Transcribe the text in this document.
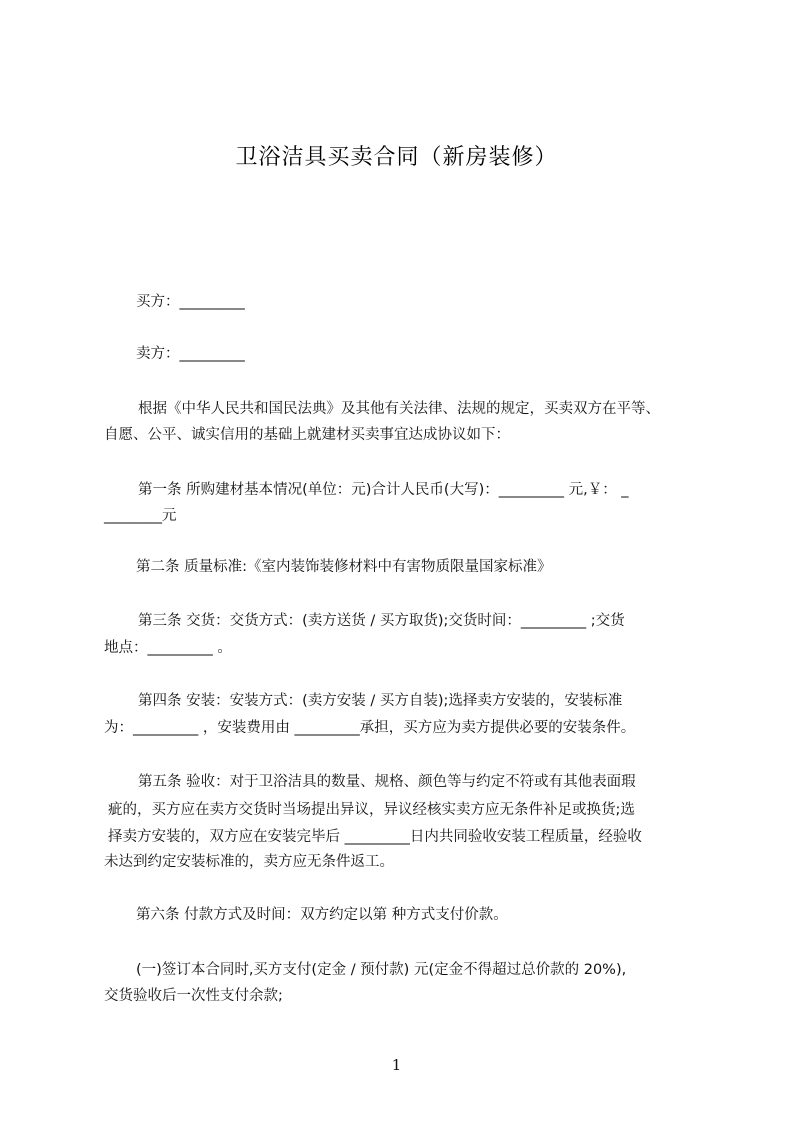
卫浴洁具买卖合同（新房装修）
买方：_________
卖方：_________
根据《中华人民共和国民法典》及其他有关法律、法规的规定，买卖双方在平等、
自愿、公平、诚实信用的基础上就建材买卖事宜达成协议如下：
第一条 所购建材基本情况(单位：元)合计人民币(大写)：_________ 元,￥： _
________元
第二条 质量标准:《室内装饰装修材料中有害物质限量国家标准》
第三条 交货：交货方式：(卖方送货 / 买方取货);交货时间：_________ ;交货
地点：_________ 。
第四条 安装：安装方式：(卖方安装 / 买方自装);选择卖方安装的，安装标准
为：_________ ，安装费用由 _________承担，买方应为卖方提供必要的安装条件。
第五条 验收：对于卫浴洁具的数量、规格、颜色等与约定不符或有其他表面瑕
疵的，买方应在卖方交货时当场提出异议，异议经核实卖方应无条件补足或换货;选
择卖方安装的，双方应在安装完毕后 _________日内共同验收安装工程质量，经验收
未达到约定安装标准的，卖方应无条件返工。
第六条 付款方式及时间：双方约定以第 种方式支付价款。
(一)签订本合同时,买方支付(定金 / 预付款) 元(定金不得超过总价款的 20%),
交货验收后一次性支付余款;
1
